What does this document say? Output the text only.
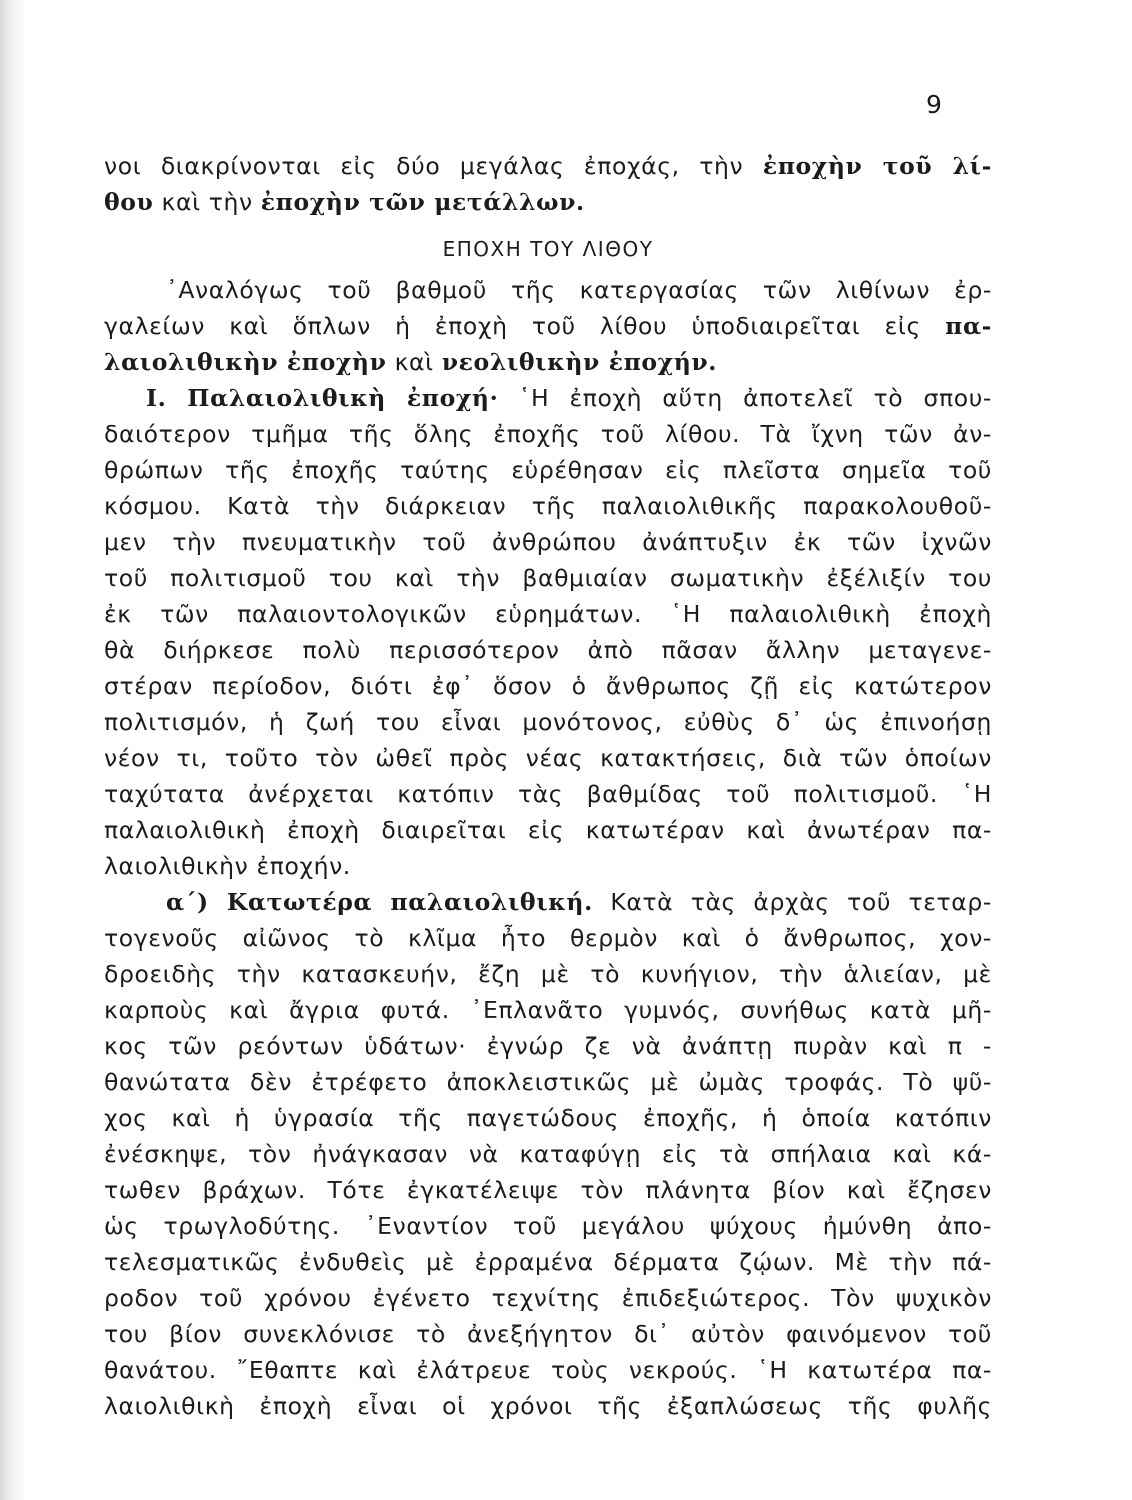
9
νοι διακρίνονται εἰς δύο μεγάλας ἐποχάς, τὴν ἐποχὴν τοῦ λί-
θου καὶ τὴν ἐποχὴν τῶν μετάλλων.
ΕΠΟΧΗ ΤΟΥ ΛΙΘΟΥ
᾿Αναλόγως τοῦ βαθμοῦ τῆς κατεργασίας τῶν λιθίνων ἐρ-
γαλείων καὶ ὅπλων ἡ ἐποχὴ τοῦ λίθου ὑποδιαιρεῖται εἰς πα-
λαιολιθικὴν ἐποχὴν καὶ νεολιθικὴν ἐποχήν.
Ι. Παλαιολιθικὴ ἐποχή· ῾Η ἐποχὴ αὕτη ἀποτελεῖ τὸ σπου-
δαιότερον τμῆμα τῆς ὅλης ἐποχῆς τοῦ λίθου. Τὰ ἴχνη τῶν ἀν-
θρώπων τῆς ἐποχῆς ταύτης εὑρέθησαν εἰς πλεῖστα σημεῖα τοῦ
κόσμου. Κατὰ τὴν διάρκειαν τῆς παλαιολιθικῆς παρακολουθοῦ-
μεν τὴν πνευματικὴν τοῦ ἀνθρώπου ἀνάπτυξιν ἐκ τῶν ἰχνῶν
τοῦ πολιτισμοῦ του καὶ τὴν βαθμιαίαν σωματικὴν ἐξέλιξίν του
ἐκ τῶν παλαιοντολογικῶν εὑρημάτων. ῾Η παλαιολιθικὴ ἐποχὴ
θὰ διήρκεσε πολὺ περισσότερον ἀπὸ πᾶσαν ἄλλην μεταγενε-
στέραν περίοδον, διότι ἐφ᾿ ὅσον ὁ ἄνθρωπος ζῇ εἰς κατώτερον
πολιτισμόν, ἡ ζωή του εἶναι μονότονος, εὐθὺς δ᾿ ὡς ἐπινοήσῃ
νέον τι, τοῦτο τὸν ὠθεῖ πρὸς νέας κατακτήσεις, διὰ τῶν ὁποίων
ταχύτατα ἀνέρχεται κατόπιν τὰς βαθμίδας τοῦ πολιτισμοῦ. ῾Η
παλαιολιθικὴ ἐποχὴ διαιρεῖται εἰς κατωτέραν καὶ ἀνωτέραν πα-
λαιολιθικὴν ἐποχήν.
α΄) Κατωτέρα παλαιολιθική. Κατὰ τὰς ἀρχὰς τοῦ τεταρ-
τογενοῦς αἰῶνος τὸ κλῖμα ἦτο θερμὸν καὶ ὁ ἄνθρωπος, χον-
δροειδὴς τὴν κατασκευήν, ἔζη μὲ τὸ κυνήγιον, τὴν ἁλιείαν, μὲ
καρποὺς καὶ ἄγρια φυτά. ᾿Επλανᾶτο γυμνός, συνήθως κατὰ μῆ-
κος τῶν ρεόντων ὑδάτων· ἐγνώρ ζε νὰ ἀνάπτῃ πυρὰν καὶ π -
θανώτατα δὲν ἐτρέφετο ἀποκλειστικῶς μὲ ὠμὰς τροφάς. Τὸ ψῦ-
χος καὶ ἡ ὑγρασία τῆς παγετώδους ἐποχῆς, ἡ ὁποία κατόπιν
ἐνέσκηψε, τὸν ἠνάγκασαν νὰ καταφύγῃ εἰς τὰ σπήλαια καὶ κά-
τωθεν βράχων. Τότε ἐγκατέλειψε τὸν πλάνητα βίον καὶ ἔζησεν
ὡς τρωγλοδύτης. ᾿Εναντίον τοῦ μεγάλου ψύχους ἠμύνθη ἀπο-
τελεσματικῶς ἐνδυθεὶς μὲ ἐρραμένα δέρματα ζῴων. Μὲ τὴν πά-
ροδον τοῦ χρόνου ἐγένετο τεχνίτης ἐπιδεξιώτερος. Τὸν ψυχικὸν
του βίον συνεκλόνισε τὸ ἀνεξήγητον δι᾿ αὐτὸν φαινόμενον τοῦ
θανάτου. ῎Εθαπτε καὶ ἐλάτρευε τοὺς νεκρούς. ῾Η κατωτέρα πα-
λαιολιθικὴ ἐποχὴ εἶναι οἱ χρόνοι τῆς ἐξαπλώσεως τῆς φυλῆς
